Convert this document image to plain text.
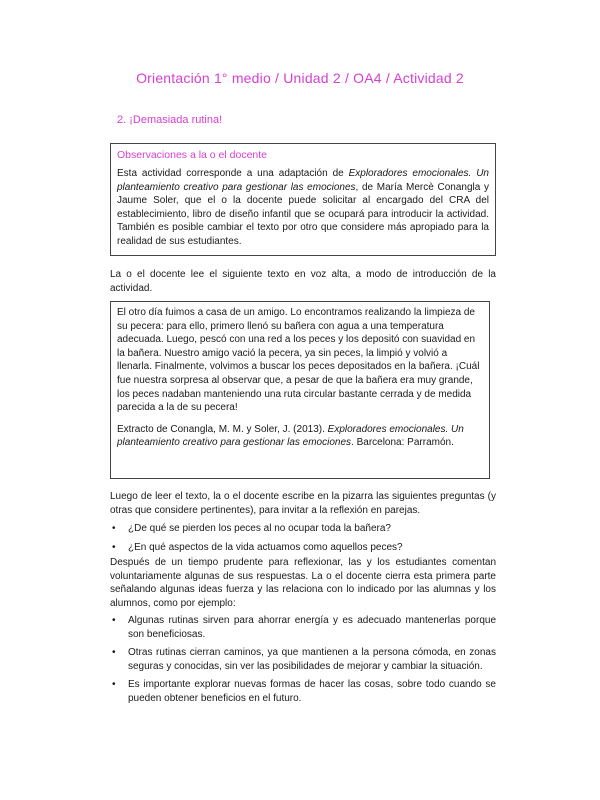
Orientación 1° medio / Unidad 2 / OA4 / Actividad 2
2. ¡Demasiada rutina!

Observaciones a la o el docente

Esta actividad corresponde a una adaptación de Exploradores emocionales. Un planteamiento creativo para gestionar las emociones, de María Mercè Conangla y Jaume Soler, que el o la docente puede solicitar al encargado del CRA del establecimiento, libro de diseño infantil que se ocupará para introducir la actividad. También es posible cambiar el texto por otro que considere más apropiado para la realidad de sus estudiantes.

La o el docente lee el siguiente texto en voz alta, a modo de introducción de la actividad.

El otro día fuimos a casa de un amigo. Lo encontramos realizando la limpieza de su pecera: para ello, primero llenó su bañera con agua a una temperatura adecuada. Luego, pescó con una red a los peces y los depositó con suavidad en la bañera. Nuestro amigo vació la pecera, ya sin peces, la limpió y volvió a llenarla. Finalmente, volvimos a buscar los peces depositados en la bañera. ¡Cuál fue nuestra sorpresa al observar que, a pesar de que la bañera era muy grande, los peces nadaban manteniendo una ruta circular bastante cerrada y de medida parecida a la de su pecera!

Extracto de Conangla, M. M. y Soler, J. (2013). Exploradores emocionales. Un planteamiento creativo para gestionar las emociones. Barcelona: Parramón.

Luego de leer el texto, la o el docente escribe en la pizarra las siguientes preguntas (y otras que considere pertinentes), para invitar a la reflexión en parejas.

• ¿De qué se pierden los peces al no ocupar toda la bañera?
• ¿En qué aspectos de la vida actuamos como aquellos peces?

Después de un tiempo prudente para reflexionar, las y los estudiantes comentan voluntariamente algunas de sus respuestas. La o el docente cierra esta primera parte señalando algunas ideas fuerza y las relaciona con lo indicado por las alumnas y los alumnos, como por ejemplo:

• Algunas rutinas sirven para ahorrar energía y es adecuado mantenerlas porque son beneficiosas.
• Otras rutinas cierran caminos, ya que mantienen a la persona cómoda, en zonas seguras y conocidas, sin ver las posibilidades de mejorar y cambiar la situación.
• Es importante explorar nuevas formas de hacer las cosas, sobre todo cuando se pueden obtener beneficios en el futuro.
